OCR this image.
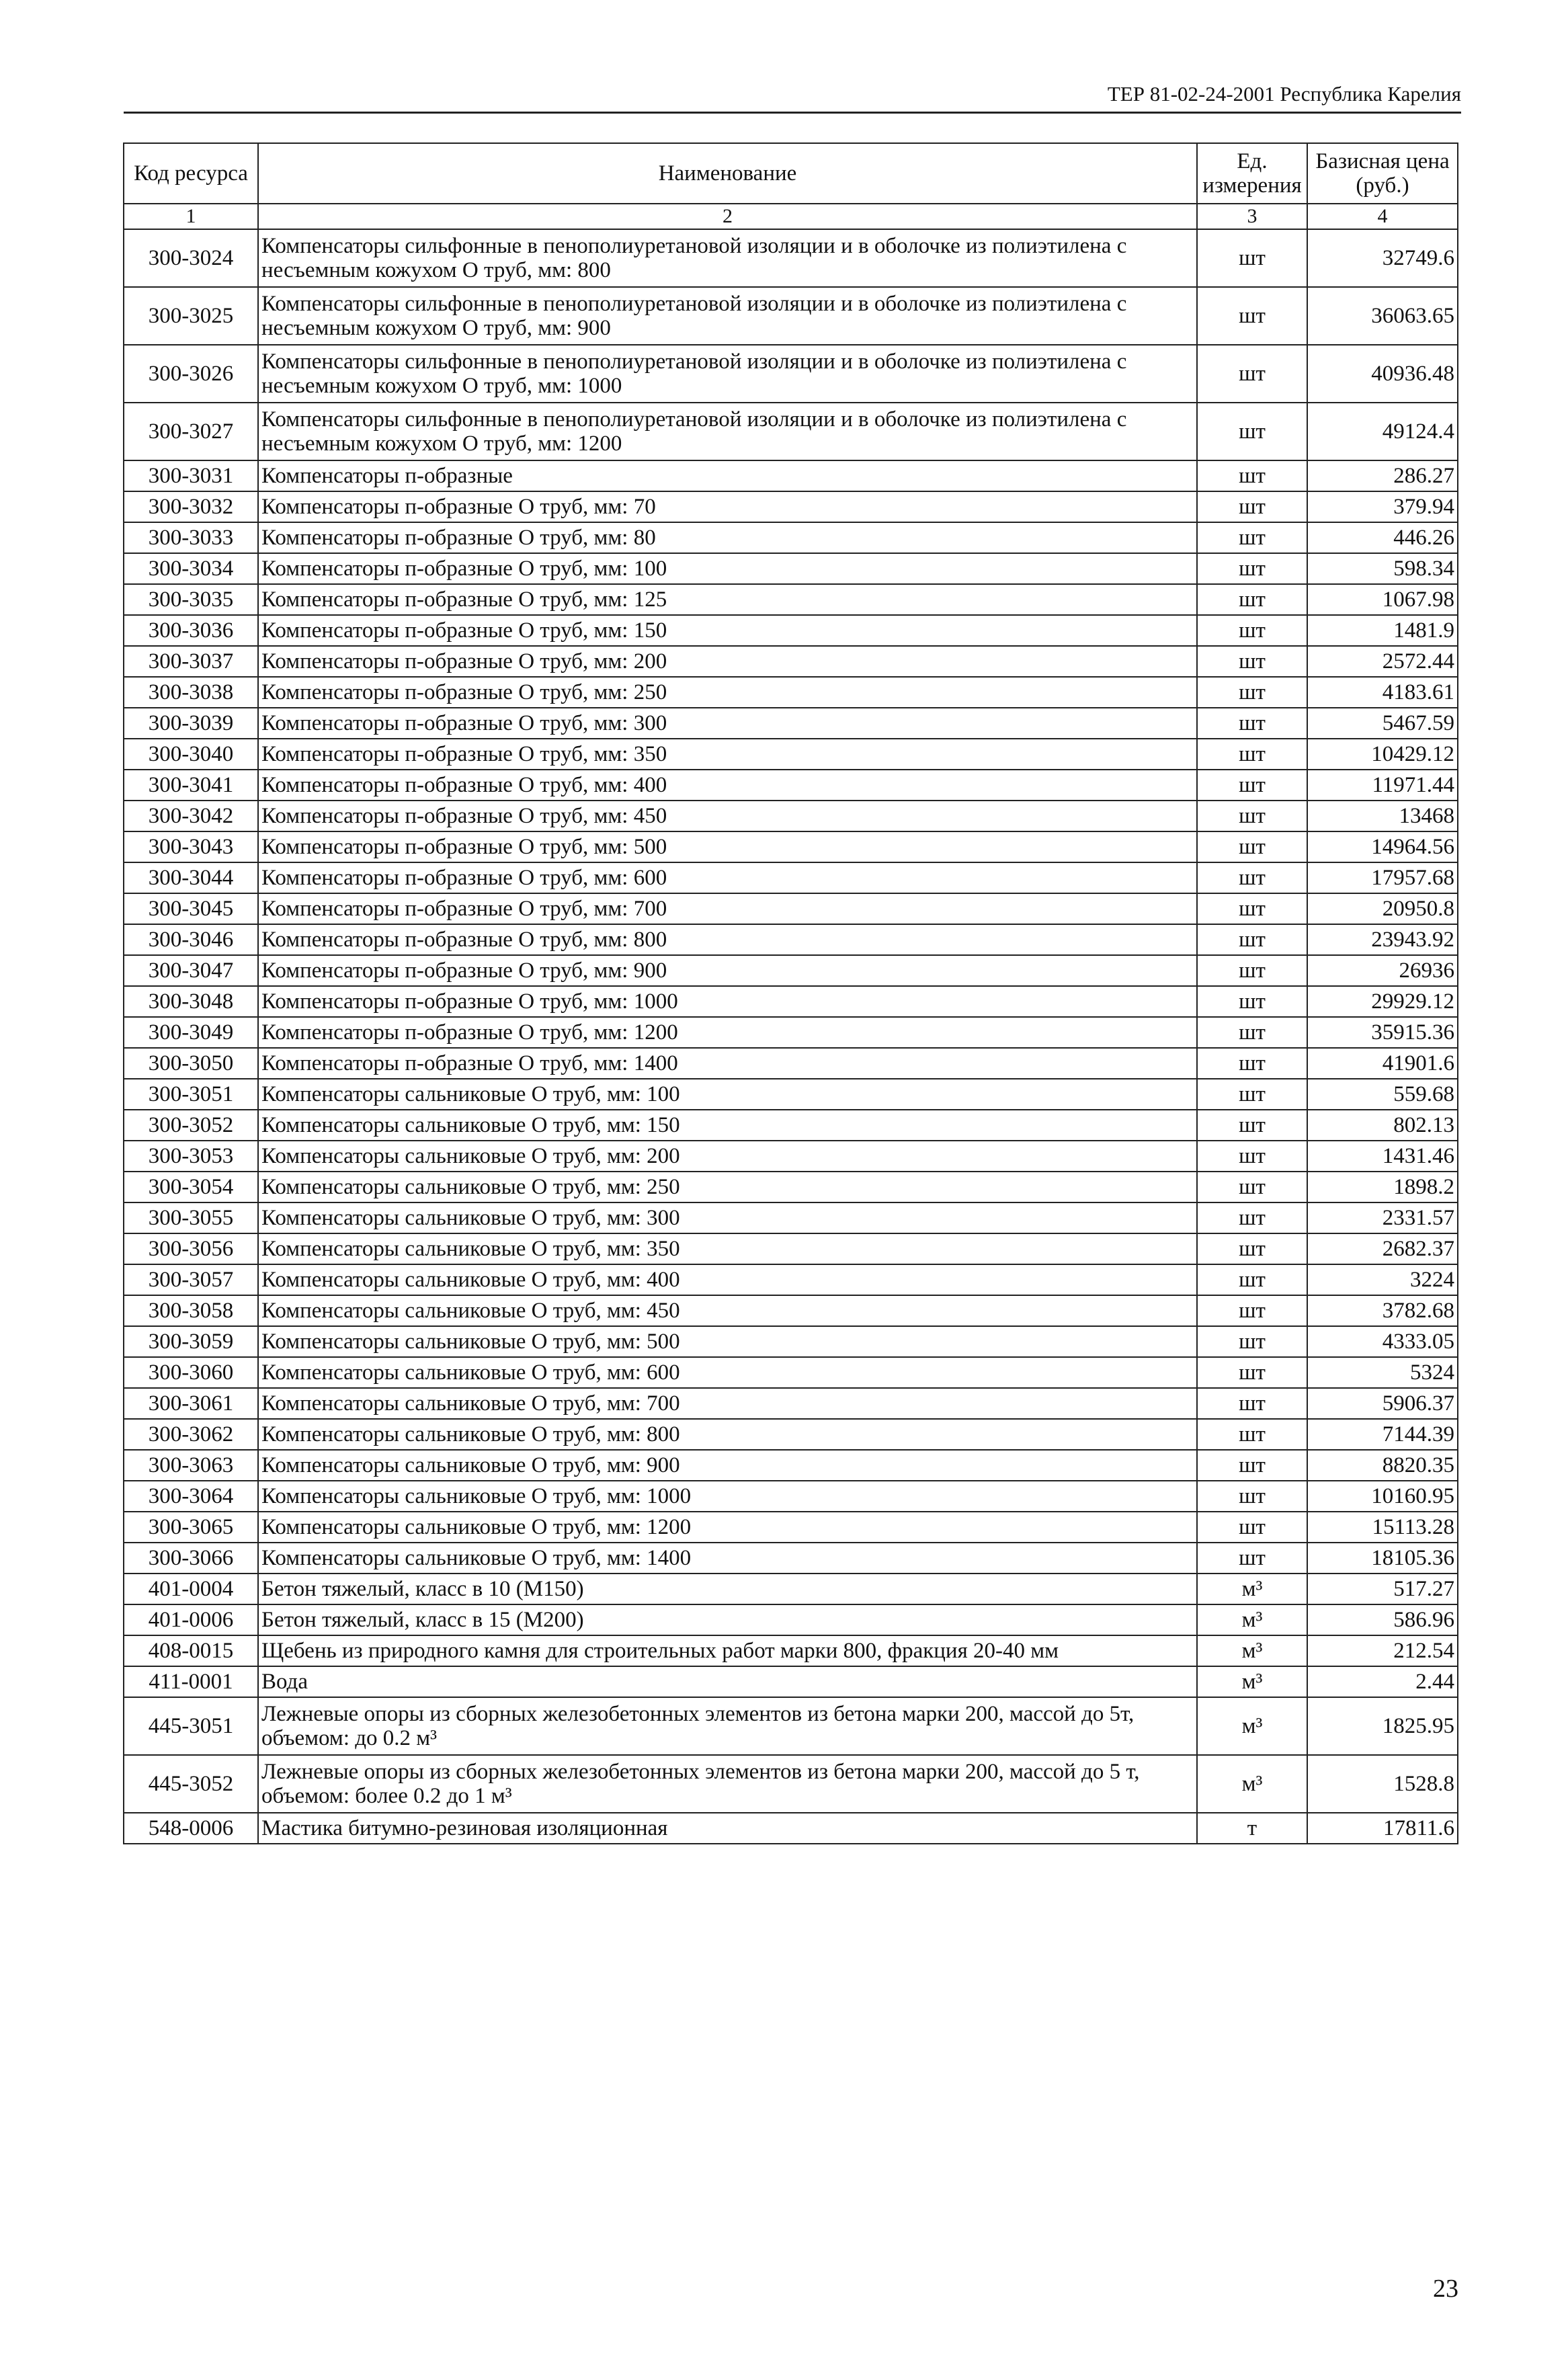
ТЕР 81-02-24-2001 Республика Карелия
Код ресурса	Наименование	Ед. измерения	Базисная цена (руб.)
1	2	3	4
300-3024	Компенсаторы сильфонные в пенополиуретановой изоляции и в оболочке из полиэтилена с несъемным кожухом O труб, мм: 800	шт	32749.6
300-3025	Компенсаторы сильфонные в пенополиуретановой изоляции и в оболочке из полиэтилена с несъемным кожухом O труб, мм: 900	шт	36063.65
300-3026	Компенсаторы сильфонные в пенополиуретановой изоляции и в оболочке из полиэтилена с несъемным кожухом O труб, мм: 1000	шт	40936.48
300-3027	Компенсаторы сильфонные в пенополиуретановой изоляции и в оболочке из полиэтилена с несъемным кожухом O труб, мм: 1200	шт	49124.4
300-3031	Компенсаторы п-образные	шт	286.27
300-3032	Компенсаторы п-образные O труб, мм: 70	шт	379.94
300-3033	Компенсаторы п-образные O труб, мм: 80	шт	446.26
300-3034	Компенсаторы п-образные O труб, мм: 100	шт	598.34
300-3035	Компенсаторы п-образные O труб, мм: 125	шт	1067.98
300-3036	Компенсаторы п-образные O труб, мм: 150	шт	1481.9
300-3037	Компенсаторы п-образные O труб, мм: 200	шт	2572.44
300-3038	Компенсаторы п-образные O труб, мм: 250	шт	4183.61
300-3039	Компенсаторы п-образные O труб, мм: 300	шт	5467.59
300-3040	Компенсаторы п-образные O труб, мм: 350	шт	10429.12
300-3041	Компенсаторы п-образные O труб, мм: 400	шт	11971.44
300-3042	Компенсаторы п-образные O труб, мм: 450	шт	13468
300-3043	Компенсаторы п-образные O труб, мм: 500	шт	14964.56
300-3044	Компенсаторы п-образные O труб, мм: 600	шт	17957.68
300-3045	Компенсаторы п-образные O труб, мм: 700	шт	20950.8
300-3046	Компенсаторы п-образные O труб, мм: 800	шт	23943.92
300-3047	Компенсаторы п-образные O труб, мм: 900	шт	26936
300-3048	Компенсаторы п-образные O труб, мм: 1000	шт	29929.12
300-3049	Компенсаторы п-образные O труб, мм: 1200	шт	35915.36
300-3050	Компенсаторы п-образные O труб, мм: 1400	шт	41901.6
300-3051	Компенсаторы сальниковые O труб, мм: 100	шт	559.68
300-3052	Компенсаторы сальниковые O труб, мм: 150	шт	802.13
300-3053	Компенсаторы сальниковые O труб, мм: 200	шт	1431.46
300-3054	Компенсаторы сальниковые O труб, мм: 250	шт	1898.2
300-3055	Компенсаторы сальниковые O труб, мм: 300	шт	2331.57
300-3056	Компенсаторы сальниковые O труб, мм: 350	шт	2682.37
300-3057	Компенсаторы сальниковые O труб, мм: 400	шт	3224
300-3058	Компенсаторы сальниковые O труб, мм: 450	шт	3782.68
300-3059	Компенсаторы сальниковые O труб, мм: 500	шт	4333.05
300-3060	Компенсаторы сальниковые O труб, мм: 600	шт	5324
300-3061	Компенсаторы сальниковые O труб, мм: 700	шт	5906.37
300-3062	Компенсаторы сальниковые O труб, мм: 800	шт	7144.39
300-3063	Компенсаторы сальниковые O труб, мм: 900	шт	8820.35
300-3064	Компенсаторы сальниковые O труб, мм: 1000	шт	10160.95
300-3065	Компенсаторы сальниковые O труб, мм: 1200	шт	15113.28
300-3066	Компенсаторы сальниковые O труб, мм: 1400	шт	18105.36
401-0004	Бетон тяжелый, класс в 10 (М150)	м³	517.27
401-0006	Бетон тяжелый, класс в 15 (М200)	м³	586.96
408-0015	Щебень из природного камня для строительных работ марки 800, фракция 20-40 мм	м³	212.54
411-0001	Вода	м³	2.44
445-3051	Лежневые опоры из сборных железобетонных элементов из бетона марки 200, массой до 5т, объемом: до 0.2 м³	м³	1825.95
445-3052	Лежневые опоры из сборных железобетонных элементов из бетона марки 200, массой до 5 т, объемом: более 0.2 до 1 м³	м³	1528.8
548-0006	Мастика битумно-резиновая изоляционная	т	17811.6
23
